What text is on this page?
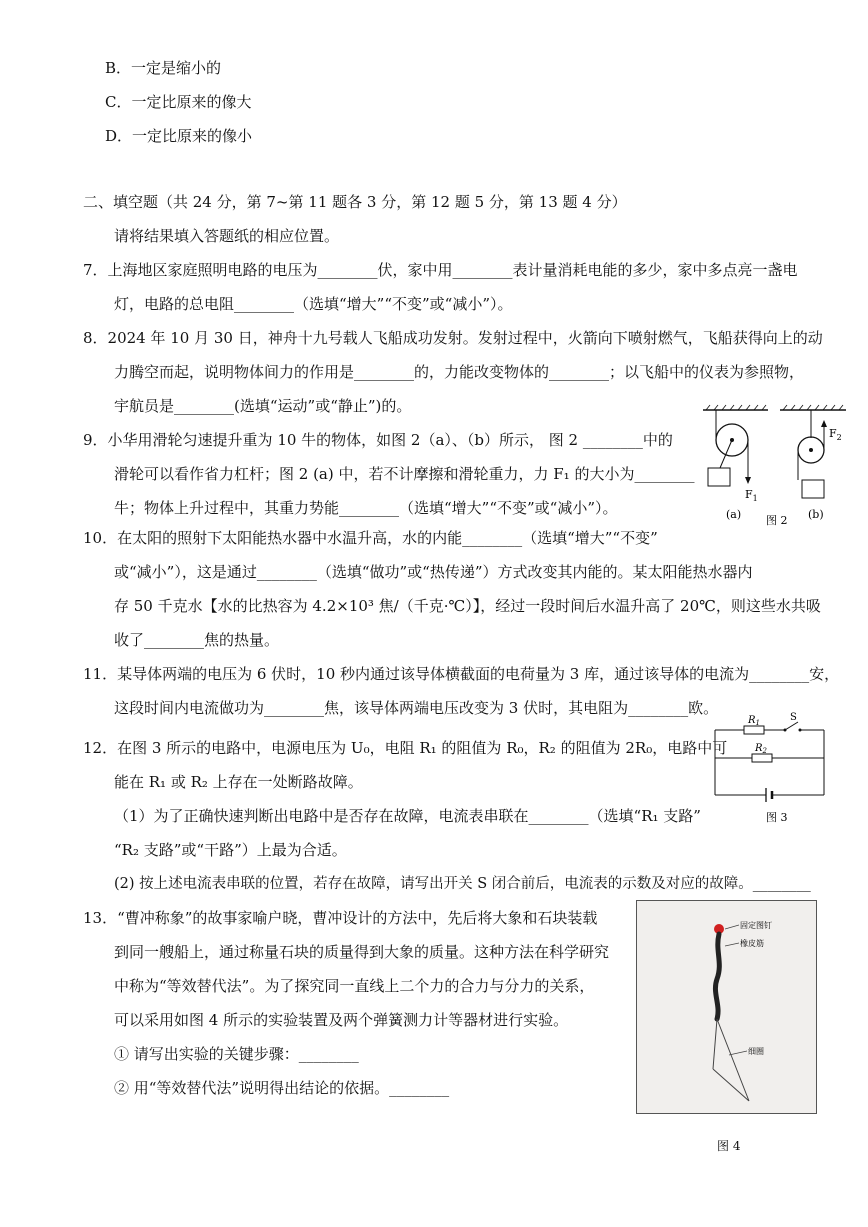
B．一定是缩小的
C．一定比原来的像大
D．一定比原来的像小
二、填空题（共 24 分，第 7~第 11 题各 3 分，第 12 题 5 分，第 13 题 4 分）
请将结果填入答题纸的相应位置。
7．上海地区家庭照明电路的电压为________伏，家中用________表计量消耗电能的多少，家中多点亮一盏电
灯，电路的总电阻________（选填“增大”“不变”或“减小”）。
8．2024 年 10 月 30 日，神舟十九号载人飞船成功发射。发射过程中，火箭向下喷射燃气，飞船获得向上的动
力腾空而起，说明物体间力的作用是________的，力能改变物体的________；以飞船中的仪表为参照物，
宇航员是________(选填“运动”或“静止”)的。
9．小华用滑轮匀速提升重为 10 牛的物体，如图 2（a）、（b）所示， 图 2 ________中的
滑轮可以看作省力杠杆；图 2 (a) 中，若不计摩擦和滑轮重力，力 F₁ 的大小为________
牛；物体上升过程中，其重力势能________（选填“增大”“不变”或“减小”）。
$F_1$
(a)
$F_2$
(b)
图 2
10．在太阳的照射下太阳能热水器中水温升高，水的内能________（选填“增大”“不变”
或“减小”），这是通过________（选填“做功”或“热传递”）方式改变其内能的。某太阳能热水器内
存 50 千克水【水的比热容为 4.2×10³ 焦/（千克·℃）】，经过一段时间后水温升高了 20℃，则这些水共吸
收了________焦的热量。
11．某导体两端的电压为 6 伏时，10 秒内通过该导体横截面的电荷量为 3 库，通过该导体的电流为________安，
这段时间内电流做功为________焦，该导体两端电压改变为 3 伏时，其电阻为________欧。
12．在图 3 所示的电路中，电源电压为 U₀，电阻 R₁ 的阻值为 R₀，R₂ 的阻值为 2R₀，电路中可
能在 R₁ 或 R₂ 上存在一处断路故障。
（1）为了正确快速判断出电路中是否存在故障，电流表串联在________（选填“R₁ 支路”
“R₂ 支路”或“干路”）上最为合适。
(2) 按上述电流表串联的位置，若存在故障，请写出开关 S 闭合前后，电流表的示数及对应的故障。________
$R_1$	S
$R_2$
图 3
13．“曹冲称象”的故事家喻户晓，曹冲设计的方法中，先后将大象和石块装载
到同一艘船上，通过称量石块的质量得到大象的质量。这种方法在科学研究
中称为“等效替代法”。为了探究同一直线上二个力的合力与分力的关系，
可以采用如图 4 所示的实验装置及两个弹簧测力计等器材进行实验。
① 请写出实验的关键步骤：________
② 用“等效替代法”说明得出结论的依据。________
固定图钉
橡皮筋
细圈
图 4
